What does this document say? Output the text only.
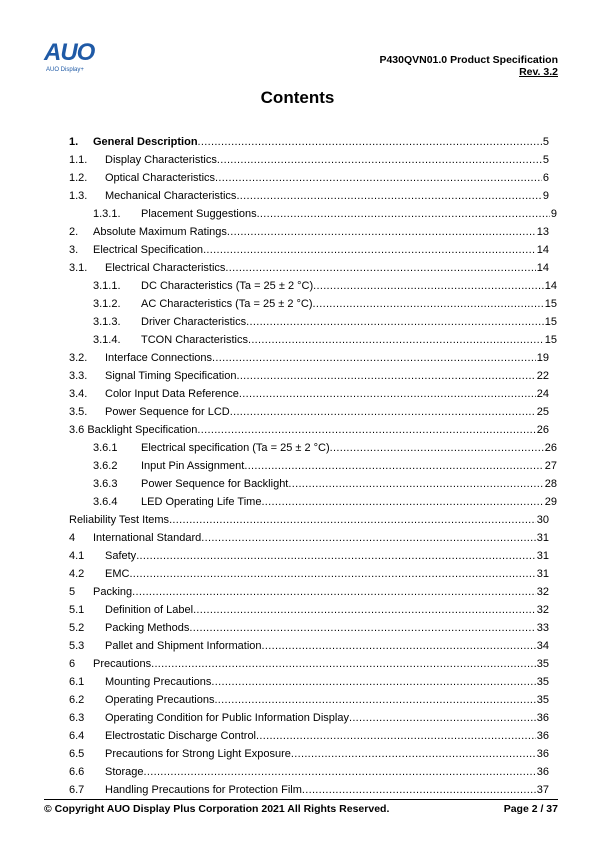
AUO
AUO Display+
P430QVN01.0 Product Specification
Rev. 3.2
Contents
1.	General Description .....	5
1.1.	Display Characteristics .....	5
1.2.	Optical Characteristics .....	6
1.3.	Mechanical Characteristics .....	9
1.3.1.	Placement Suggestions .....	9
2.	Absolute Maximum Ratings .....	13
3.	Electrical Specification .....	14
3.1.	Electrical Characteristics .....	14
3.1.1.	DC Characteristics (Ta = 25 ± 2 °C) .....	14
3.1.2.	AC Characteristics (Ta = 25 ± 2 °C) .....	15
3.1.3.	Driver Characteristics .....	15
3.1.4.	TCON Characteristics .....	15
3.2.	Interface Connections .....	19
3.3.	Signal Timing Specification .....	22
3.4.	Color Input Data Reference .....	24
3.5.	Power Sequence for LCD .....	25
3.6 Backlight Specification .....	26
3.6.1	Electrical specification (Ta = 25 ± 2 °C) .....	26
3.6.2	Input Pin Assignment .....	27
3.6.3	Power Sequence for Backlight .....	28
3.6.4	LED Operating Life Time .....	29
Reliability Test Items .....	30
4	International Standard .....	31
4.1	Safety .....	31
4.2	EMC .....	31
5	Packing .....	32
5.1	Definition of Label .....	32
5.2	Packing Methods .....	33
5.3	Pallet and Shipment Information .....	34
6	Precautions .....	35
6.1	Mounting Precautions .....	35
6.2	Operating Precautions .....	35
6.3	Operating Condition for Public Information Display .....	36
6.4	Electrostatic Discharge Control .....	36
6.5	Precautions for Strong Light Exposure .....	36
6.6	Storage .....	36
6.7	Handling Precautions for Protection Film .....	37
© Copyright AUO Display Plus Corporation 2021 All Rights Reserved.	Page 2 / 37
